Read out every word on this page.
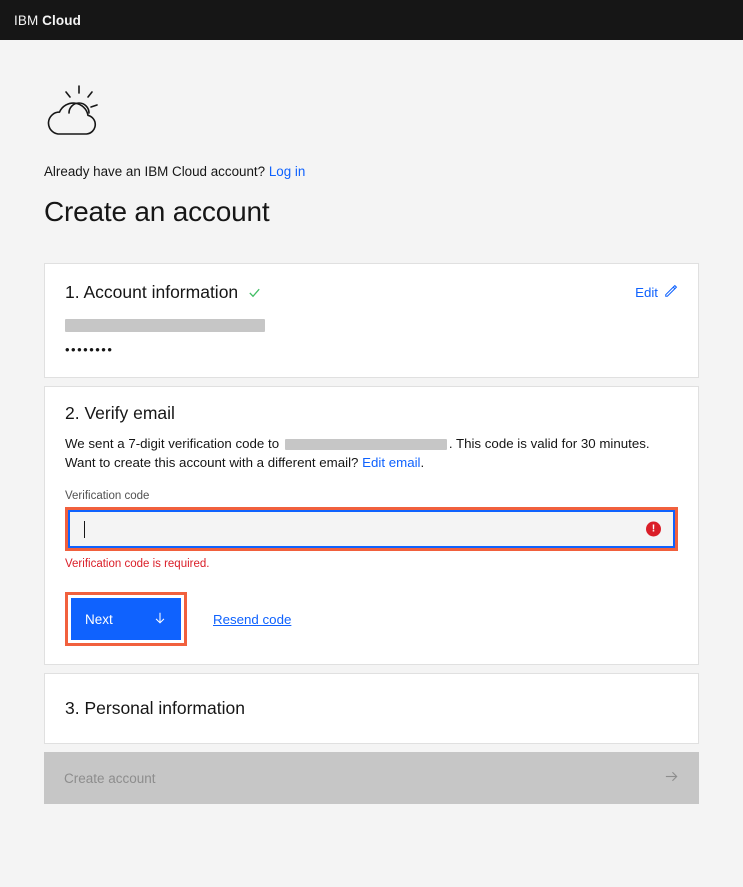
IBM Cloud
Already have an IBM Cloud account? Log in
Create an account
1. Account information	Edit
••••••••
2. Verify email

We sent a 7-digit verification code to	. This code is valid for 30 minutes. Want to create this account with a different email? Edit email.

Verification code
!
Verification code is required.
Next	Resend code
3. Personal information
Create account
